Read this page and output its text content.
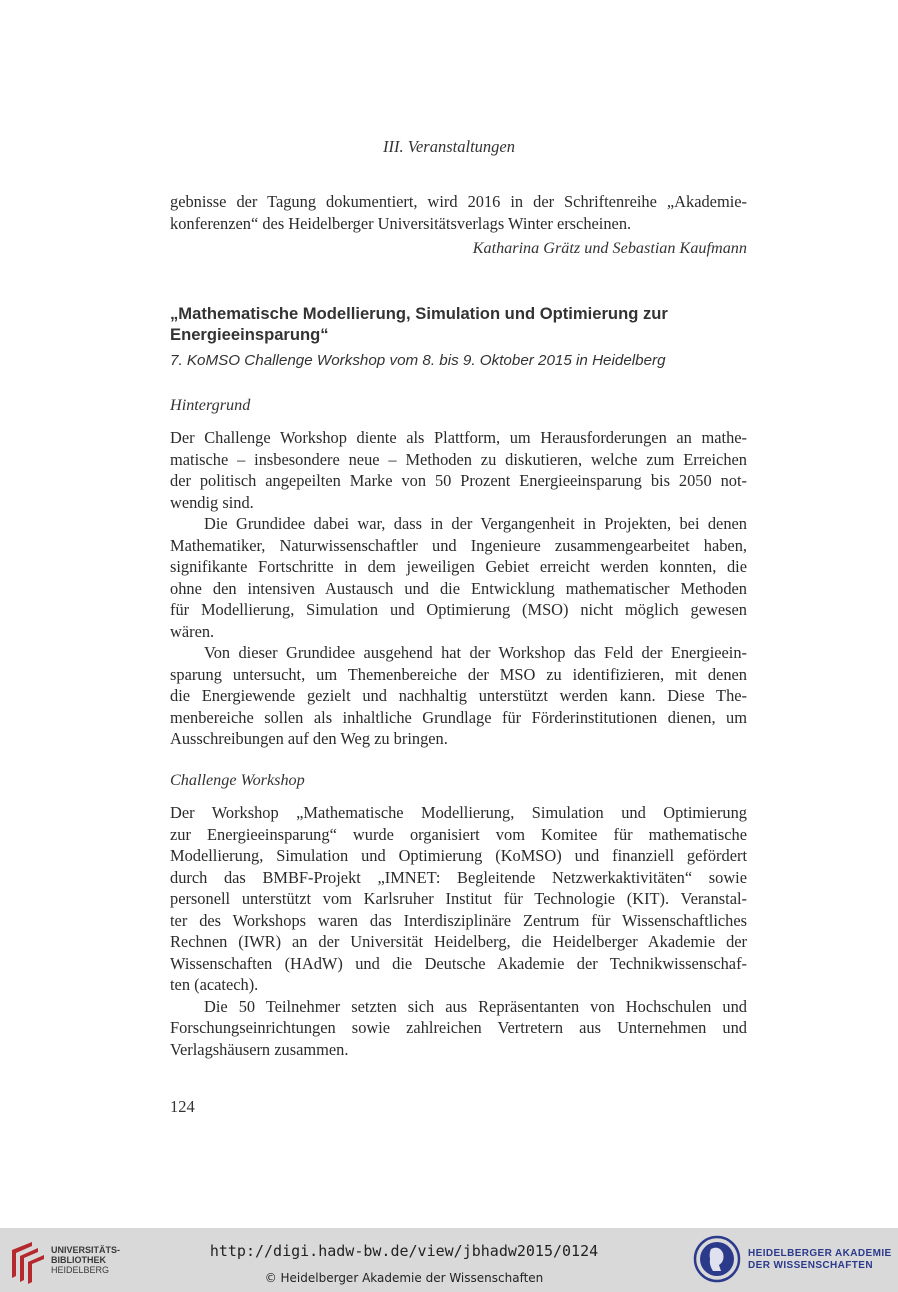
III. Veranstaltungen
gebnisse der Tagung dokumentiert, wird 2016 in der Schriftenreihe „Akademie-
konferenzen“ des Heidelberger Universitätsverlags Winter erscheinen.
Katharina Grätz und Sebastian Kaufmann
„Mathematische Modellierung, Simulation und Optimierung zur
Energieeinsparung“
7. KoMSO Challenge Workshop vom 8. bis 9. Oktober 2015 in Heidelberg
Hintergrund
Der Challenge Workshop diente als Plattform, um Herausforderungen an mathe-
matische – insbesondere neue – Methoden zu diskutieren, welche zum Erreichen
der politisch angepeilten Marke von 50 Prozent Energieeinsparung bis 2050 not-
wendig sind.
Die Grundidee dabei war, dass in der Vergangenheit in Projekten, bei denen
Mathematiker, Naturwissenschaftler und Ingenieure zusammengearbeitet haben,
signifikante Fortschritte in dem jeweiligen Gebiet erreicht werden konnten, die
ohne den intensiven Austausch und die Entwicklung mathematischer Methoden
für Modellierung, Simulation und Optimierung (MSO) nicht möglich gewesen
wären.
Von dieser Grundidee ausgehend hat der Workshop das Feld der Energieein-
sparung untersucht, um Themenbereiche der MSO zu identifizieren, mit denen
die Energiewende gezielt und nachhaltig unterstützt werden kann. Diese The-
menbereiche sollen als inhaltliche Grundlage für Förderinstitutionen dienen, um
Ausschreibungen auf den Weg zu bringen.
Challenge Workshop
Der Workshop „Mathematische Modellierung, Simulation und Optimierung
zur Energieeinsparung“ wurde organisiert vom Komitee für mathematische
Modellierung, Simulation und Optimierung (KoMSO) und finanziell gefördert
durch das BMBF-Projekt „IMNET: Begleitende Netzwerkaktivitäten“ sowie
personell unterstützt vom Karlsruher Institut für Technologie (KIT). Veranstal-
ter des Workshops waren das Interdisziplinäre Zentrum für Wissenschaftliches
Rechnen (IWR) an der Universität Heidelberg, die Heidelberger Akademie der
Wissenschaften (HAdW) und die Deutsche Akademie der Technikwissenschaf-
ten (acatech).
Die 50 Teilnehmer setzten sich aus Repräsentanten von Hochschulen und
Forschungseinrichtungen sowie zahlreichen Vertretern aus Unternehmen und
Verlagshäusern zusammen.
124
UNIVERSITÄTS-
BIBLIOTHEK
HEIDELBERG
http://digi.hadw-bw.de/view/jbhadw2015/0124
© Heidelberger Akademie der Wissenschaften
HEIDELBERGER AKADEMIE
DER WISSENSCHAFTEN
